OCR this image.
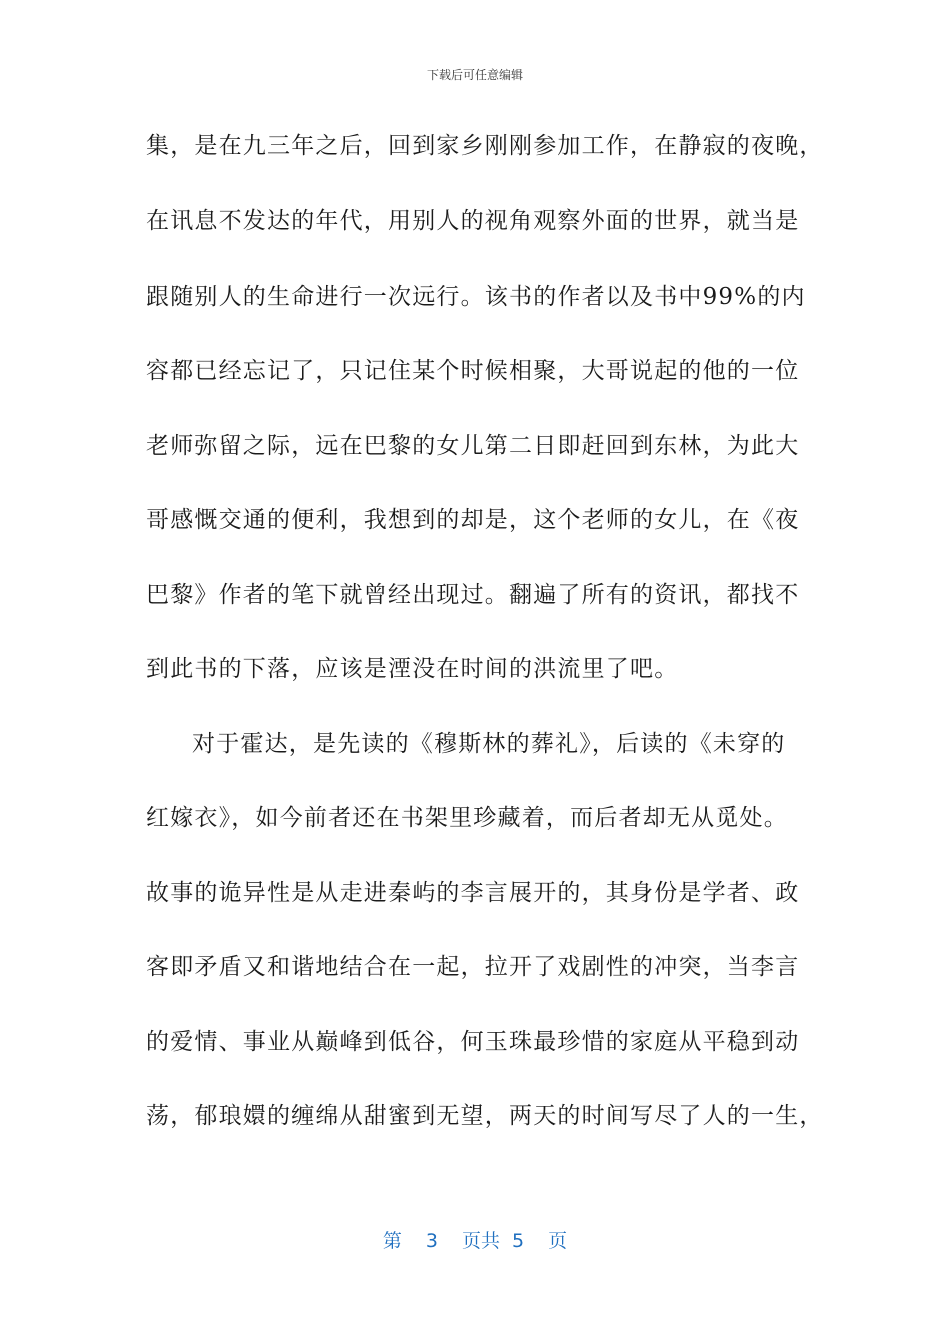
下载后可任意编辑
集，是在九三年之后，回到家乡刚刚参加工作，在静寂的夜晚，
在讯息不发达的年代，用别人的视角观察外面的世界，就当是
跟随别人的生命进行一次远行。该书的作者以及书中99%的内
容都已经忘记了，只记住某个时候相聚，大哥说起的他的一位
老师弥留之际，远在巴黎的女儿第二日即赶回到东林，为此大
哥感慨交通的便利，我想到的却是，这个老师的女儿，在《夜
巴黎》作者的笔下就曾经出现过。翻遍了所有的资讯，都找不
到此书的下落，应该是湮没在时间的洪流里了吧。
对于霍达，是先读的《穆斯林的葬礼》，后读的《未穿的
红嫁衣》，如今前者还在书架里珍藏着，而后者却无从觅处。
故事的诡异性是从走进秦屿的李言展开的，其身份是学者、政
客即矛盾又和谐地结合在一起，拉开了戏剧性的冲突，当李言
的爱情、事业从巅峰到低谷，何玉珠最珍惜的家庭从平稳到动
荡，郁琅嬛的缠绵从甜蜜到无望，两天的时间写尽了人的一生，
第 3 页共 5 页
